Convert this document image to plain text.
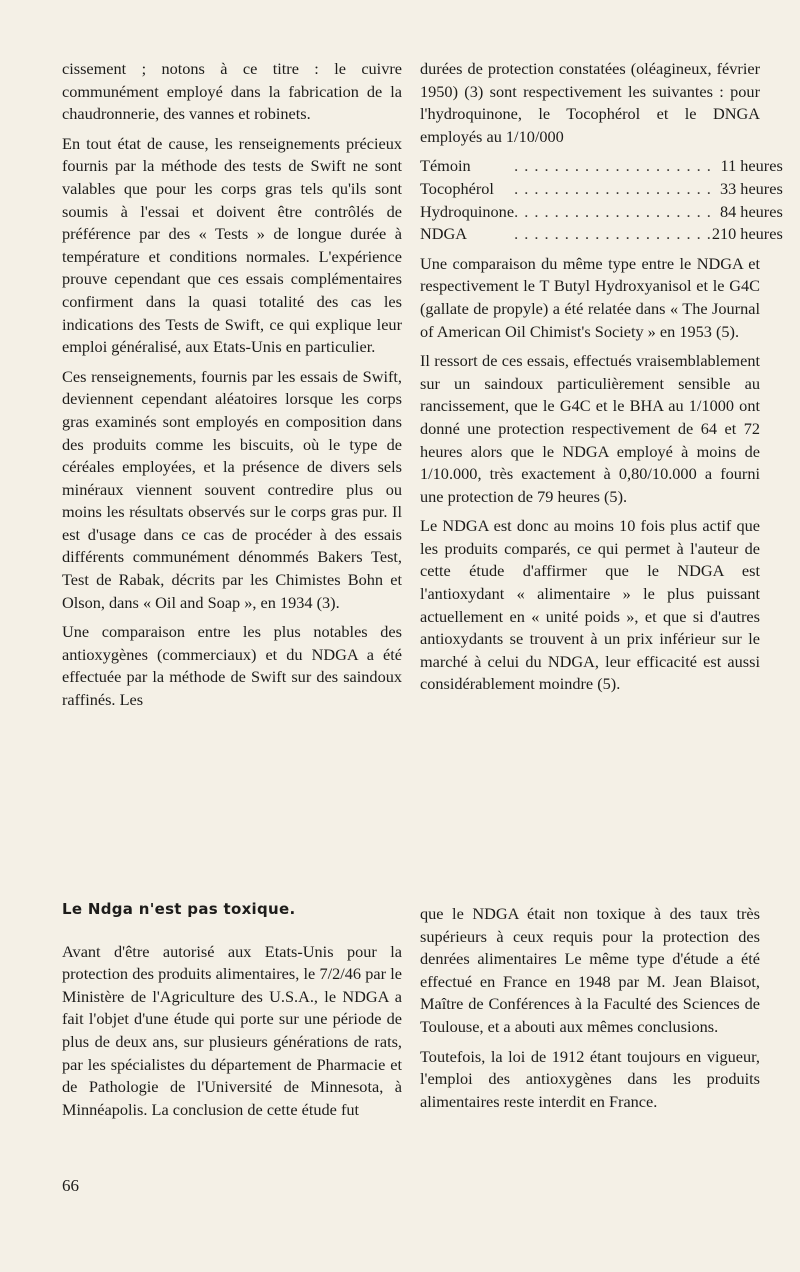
cissement ; notons à ce titre : le cuivre communément employé dans la fabrication de la chaudronnerie, des vannes et robinets.

En tout état de cause, les renseignements précieux fournis par la méthode des tests de Swift ne sont valables que pour les corps gras tels qu'ils sont soumis à l'essai et doivent être contrôlés de préférence par des « Tests » de longue durée à température et conditions normales. L'expérience prouve cependant que ces essais complémentaires confirment dans la quasi totalité des cas les indications des Tests de Swift, ce qui explique leur emploi généralisé, aux Etats-Unis en particulier.

Ces renseignements, fournis par les essais de Swift, deviennent cependant aléatoires lorsque les corps gras examinés sont employés en composition dans des produits comme les biscuits, où le type de céréales employées, et la présence de divers sels minéraux viennent souvent contredire plus ou moins les résultats observés sur le corps gras pur. Il est d'usage dans ce cas de procéder à des essais différents communément dénommés Bakers Test, Test de Rabak, décrits par les Chimistes Bohn et Olson, dans « Oil and Soap », en 1934 (3).

Une comparaison entre les plus notables des antioxygènes (commerciaux) et du NDGA a été effectuée par la méthode de Swift sur des saindoux raffinés. Les

durées de protection constatées (oléagineux, février 1950) (3) sont respectivement les suivantes : pour l'hydroquinone, le Tocophérol et le DNGA employés au 1/10/000

Témoin	. . . . . . . . . . . . . . . . . . . .	11 heures
Tocophérol	. . . . . . . . . . . . . . . . . . . .	33 heures
Hydroquinone	. . . . . . . . . . . . . . . . . . . .	84 heures
NDGA	. . . . . . . . . . . . . . . . . . . .	210 heures

Une comparaison du même type entre le NDGA et respectivement le T Butyl Hydroxyanisol et le G4C (gallate de propyle) a été relatée dans « The Journal of American Oil Chimist's Society » en 1953 (5).

Il ressort de ces essais, effectués vraisemblablement sur un saindoux particulièrement sensible au rancissement, que le G4C et le BHA au 1/1000 ont donné une protection respectivement de 64 et 72 heures alors que le NDGA employé à moins de 1/10.000, très exactement à 0,80/10.000 a fourni une protection de 79 heures (5).

Le NDGA est donc au moins 10 fois plus actif que les produits comparés, ce qui permet à l'auteur de cette étude d'affirmer que le NDGA est l'antioxydant « alimentaire » le plus puissant actuellement en « unité poids », et que si d'autres antioxydants se trouvent à un prix inférieur sur le marché à celui du NDGA, leur efficacité est aussi considérablement moindre (5).

Le Ndga n'est pas toxique.

Avant d'être autorisé aux Etats-Unis pour la protection des produits alimentaires, le 7/2/46 par le Ministère de l'Agriculture des U.S.A., le NDGA a fait l'objet d'une étude qui porte sur une période de plus de deux ans, sur plusieurs générations de rats, par les spécialistes du département de Pharmacie et de Pathologie de l'Université de Minnesota, à Minnéapolis. La conclusion de cette étude fut

que le NDGA était non toxique à des taux très supérieurs à ceux requis pour la protection des denrées alimentaires Le même type d'étude a été effectué en France en 1948 par M. Jean Blaisot, Maître de Conférences à la Faculté des Sciences de Toulouse, et a abouti aux mêmes conclusions.

Toutefois, la loi de 1912 étant toujours en vigueur, l'emploi des antioxygènes dans les produits alimentaires reste interdit en France.

66
